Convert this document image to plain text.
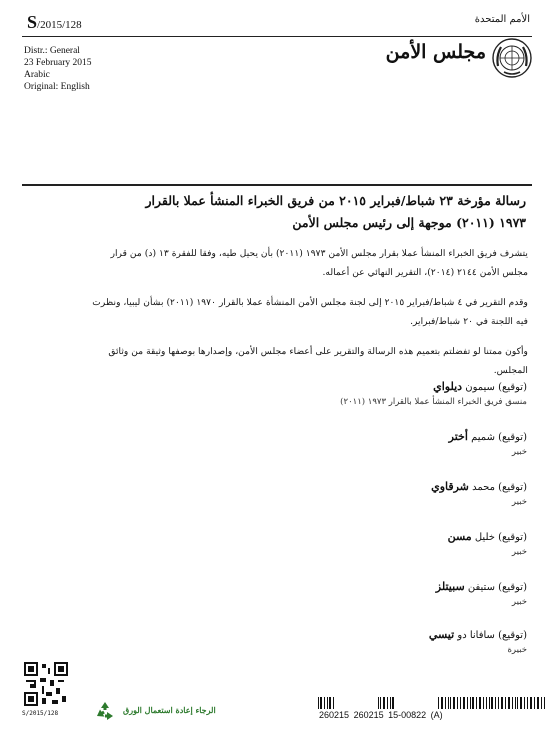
S/2015/128	الأمم المتحدة
Distr.: General
23 February 2015
Arabic
Original: English
مجلس الأمن
رسالة مؤرخة ٢٣ شباط/فبراير ٢٠١٥ من فريق الخبراء المنشأ عملا بالقرار
١٩٧٣ (٢٠١١) موجهة إلى رئيس مجلس الأمن
يتشرف فريق الخبراء المنشأ عملا بقرار مجلس الأمن ١٩٧٣ (٢٠١١) بأن يحيل طيه، وفقا للفقرة ١٣ (د) من قرار مجلس الأمن ٢١٤٤ (٢٠١٤)، التقرير النهائي عن أعماله.
وقدم التقرير في ٤ شباط/فبراير ٢٠١٥ إلى لجنة مجلس الأمن المنشأة عملا بالقرار ١٩٧٠ (٢٠١١) بشأن ليبيا، ونظرت فيه اللجنة في ٢٠ شباط/فبراير.
وأكون ممتنا لو تفضلتم بتعميم هذه الرسالة والتقرير على أعضاء مجلس الأمن، وإصدارها بوصفها وثيقة من وثائق المجلس.
(توقيع) سيمون ديلواي
منسق فريق الخبراء المنشأ عملا بالقرار ١٩٧٣ (٢٠١١)
(توقيع) شميم أختر
خبير
(توقيع) محمد شرقاوي
خبير
(توقيع) خليل مسن
خبير
(توقيع) ستيفن سبيتلز
خبير
(توقيع) سافانا دو تيسي
خبيرة
S/2015/128	الرجاء إعادة استعمال الورق	260215 260215 15-00822 (A)
